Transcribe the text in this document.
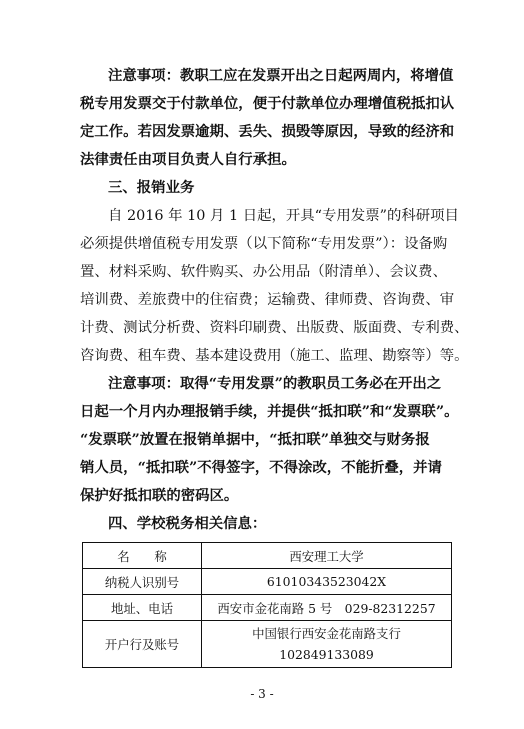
注意事项：教职工应在发票开出之日起两周内，将增值
税专用发票交于付款单位，便于付款单位办理增值税抵扣认
定工作。若因发票逾期、丢失、损毁等原因，导致的经济和
法律责任由项目负责人自行承担。

三、报销业务

自 2016 年 10 月 1 日起，开具“专用发票”的科研项目
必须提供增值税专用发票（以下简称“专用发票”）：设备购
置、材料采购、软件购买、办公用品（附清单）、会议费、
培训费、差旅费中的住宿费；运输费、律师费、咨询费、审
计费、测试分析费、资料印刷费、出版费、版面费、专利费、
咨询费、租车费、基本建设费用（施工、监理、勘察等）等。

注意事项：取得“专用发票”的教职员工务必在开出之
日起一个月内办理报销手续，并提供“抵扣联”和“发票联”。
“发票联”放置在报销单据中，“抵扣联”单独交与财务报
销人员，“抵扣联”不得签字，不得涂改，不能折叠，并请
保护好抵扣联的密码区。

四、学校税务相关信息：

名　　称	西安理工大学
纳税人识别号	61010343523042X
地址、电话	西安市金花南路 5 号　029-82312257
开户行及账号	中国银行西安金花南路支行
102849133089
- 3 -
